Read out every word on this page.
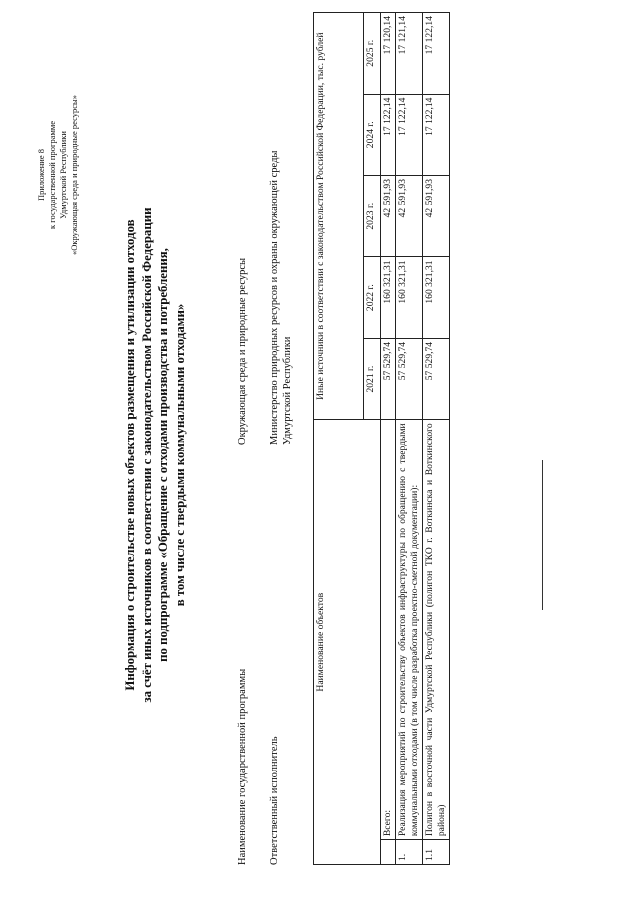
Приложение 8 к государственной программе Удмуртской Республики «Окружающая среда и природные ресурсы»
Информация о строительстве новых объектов размещения и утилизации отходов за счёт иных источников в соответствии с законодательством Российской Федерации по подпрограмме «Обращение с отходами производства и потребления, в том числе с твердыми коммунальными отходами»
Наименование государственной программы
Окружающая среда и природные ресурсы
Ответственный исполнитель
Министерство природных ресурсов и охраны окружающей среды Удмуртской Республики
Наименование объектов		Иные источники в соответствии с законодательством Российской Федерации, тыс. рублей				
		2021 г.	2022 г.	2023 г.	2024 г.	2025 г.
	Всего:	57 529,74	160 321,31	42 591,93	17 122,14	17 120,14
1.	Реализация мероприятий по строительству объектов инфраструктуры по обращению с твердыми коммунальными отходами (в том числе разработка проектно-сметной документации):	57 529,74	160 321,31	42 591,93	17 122,14	17 121,14
1.1	Полигон в восточной части Удмуртской Республики (полигон ТКО г. Воткинска и Воткинского района)	57 529,74	160 321,31	42 591,93	17 122,14	17 122,14
